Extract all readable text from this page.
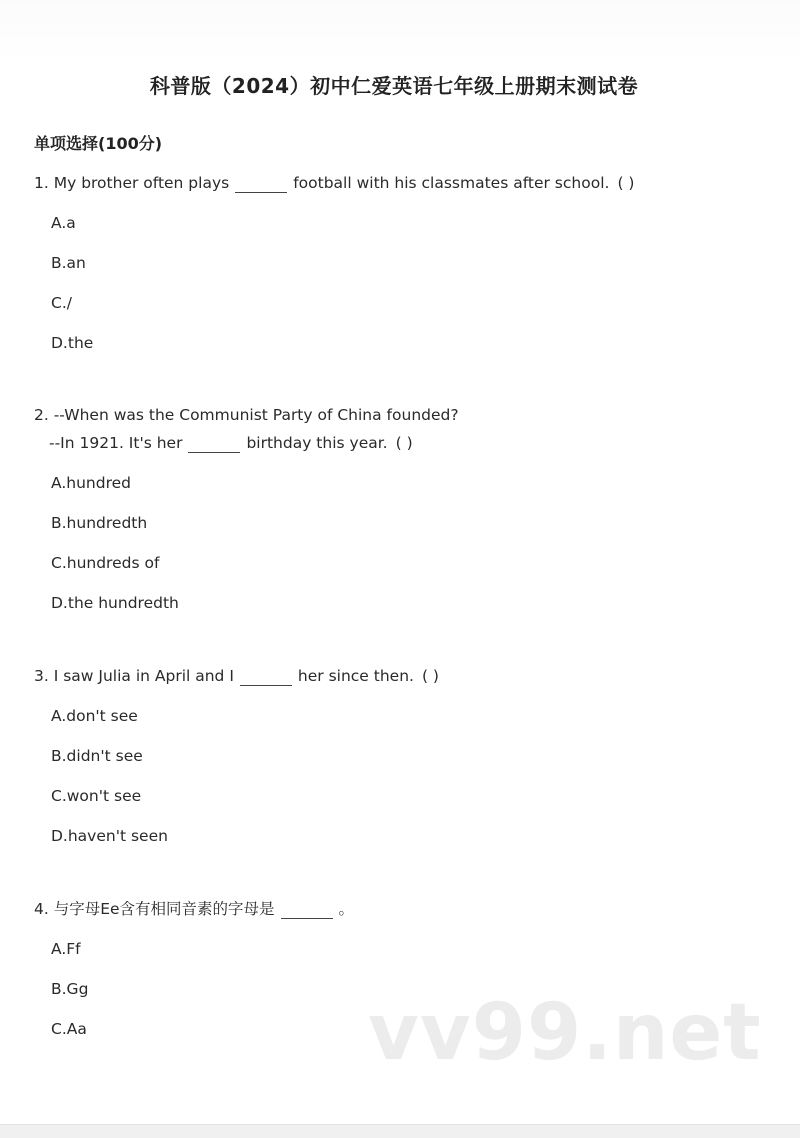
科普版（2024）初中仁爱英语七年级上册期末测试卷
单项选择(100分)
1. My brother often plays	football with his classmates after school. ( )
A.a
B.an
C./
D.the
2. --When was the Communist Party of China founded?
--In 1921. It's her	birthday this year. ( )
A.hundred
B.hundredth
C.hundreds of
D.the hundredth
3. I saw Julia in April and I	her since then. ( )
A.don't see
B.didn't see
C.won't see
D.haven't seen
4. 与字母Ee含有相同音素的字母是	。
A.Ff
B.Gg
C.Aa	vv99.net
